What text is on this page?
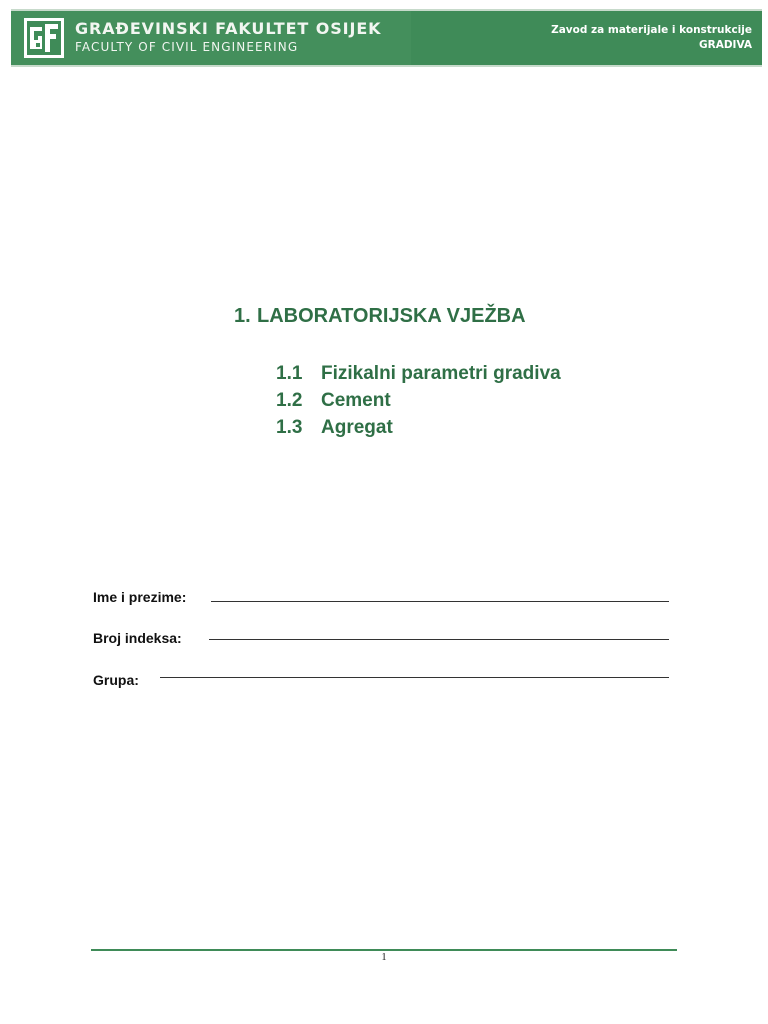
GRAĐEVINSKI FAKULTET OSIJEK
FACULTY OF CIVIL ENGINEERING
Zavod za materijale i konstrukcije
GRADIVA
1. LABORATORIJSKA VJEŽBA
1.1 Fizikalni parametri gradiva
1.2 Cement
1.3 Agregat
Ime i prezime:
Broj indeksa:
Grupa:
1
